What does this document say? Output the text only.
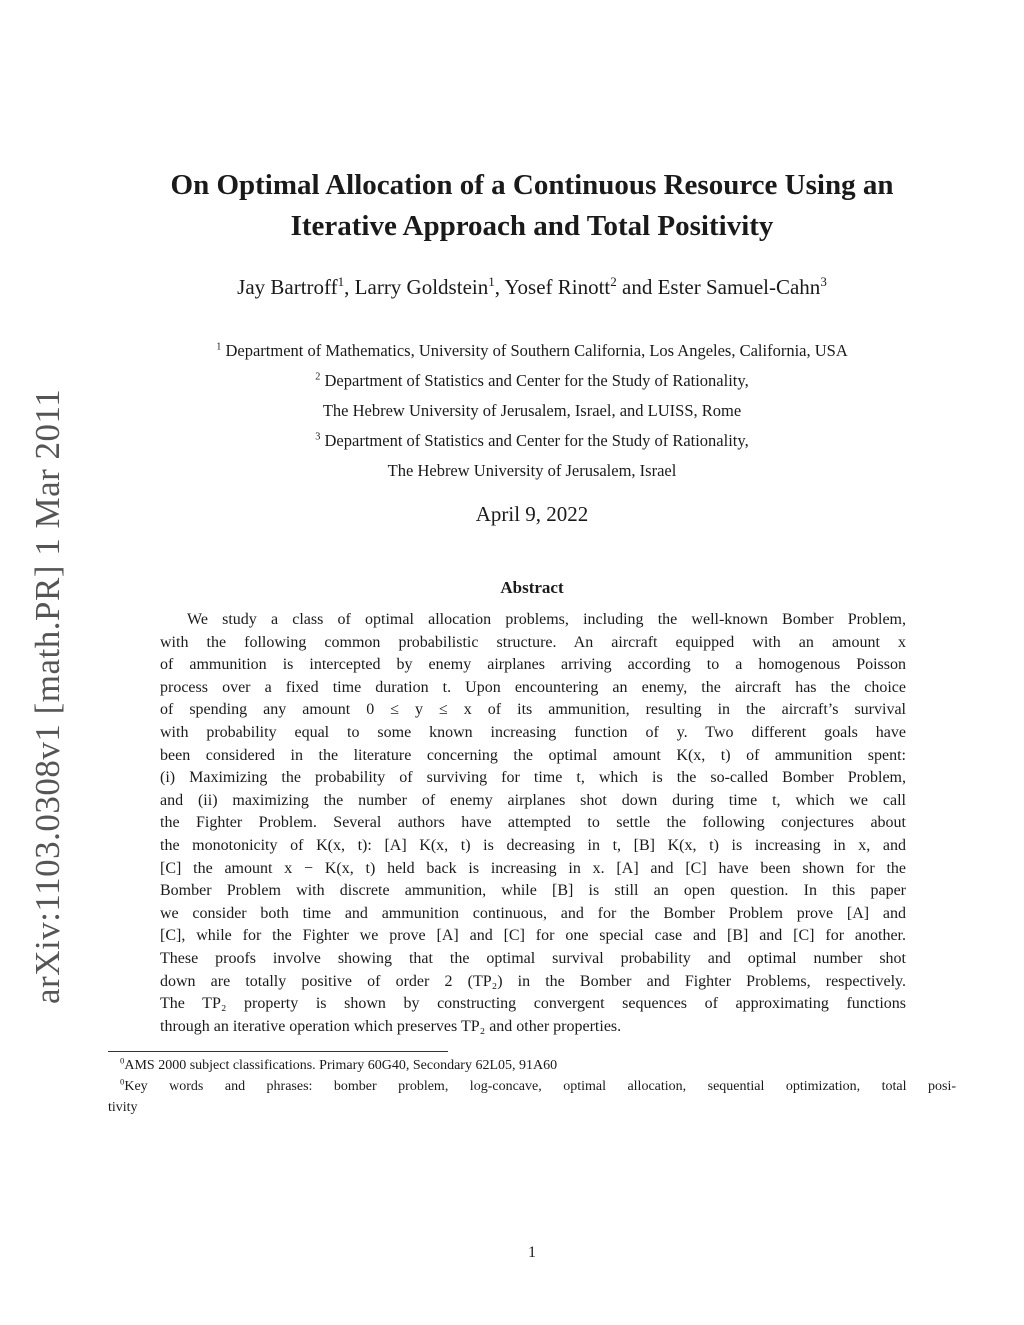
arXiv:1103.0308v1 [math.PR] 1 Mar 2011
On Optimal Allocation of a Continuous Resource Using an
Iterative Approach and Total Positivity
Jay Bartroff$^1$, Larry Goldstein$^1$, Yosef Rinott$^2$ and Ester Samuel-Cahn$^3$
$^1$ Department of Mathematics, University of Southern California, Los Angeles, California, USA
$^2$ Department of Statistics and Center for the Study of Rationality,
The Hebrew University of Jerusalem, Israel, and LUISS, Rome
$^3$ Department of Statistics and Center for the Study of Rationality,
The Hebrew University of Jerusalem, Israel
April 9, 2022
Abstract
We study a class of optimal allocation problems, including the well-known Bomber Problem,
with the following common probabilistic structure. An aircraft equipped with an amount x
of ammunition is intercepted by enemy airplanes arriving according to a homogenous Poisson
process over a fixed time duration t. Upon encountering an enemy, the aircraft has the choice
of spending any amount 0 ≤ y ≤ x of its ammunition, resulting in the aircraft’s survival
with probability equal to some known increasing function of y. Two different goals have
been considered in the literature concerning the optimal amount K(x, t) of ammunition spent:
(i) Maximizing the probability of surviving for time t, which is the so-called Bomber Problem,
and (ii) maximizing the number of enemy airplanes shot down during time t, which we call
the Fighter Problem. Several authors have attempted to settle the following conjectures about
the monotonicity of K(x, t): [A] K(x, t) is decreasing in t, [B] K(x, t) is increasing in x, and
[C] the amount x − K(x, t) held back is increasing in x. [A] and [C] have been shown for the
Bomber Problem with discrete ammunition, while [B] is still an open question. In this paper
we consider both time and ammunition continuous, and for the Bomber Problem prove [A] and
[C], while for the Fighter we prove [A] and [C] for one special case and [B] and [C] for another.
These proofs involve showing that the optimal survival probability and optimal number shot
down are totally positive of order 2 (TP₂) in the Bomber and Fighter Problems, respectively.
The TP₂ property is shown by constructing convergent sequences of approximating functions
through an iterative operation which preserves TP₂ and other properties.
$^0$AMS 2000 subject classifications. Primary 60G40, Secondary 62L05, 91A60
$^0$Key words and phrases: bomber problem, log-concave, optimal allocation, sequential optimization, total posi-
tivity
1
